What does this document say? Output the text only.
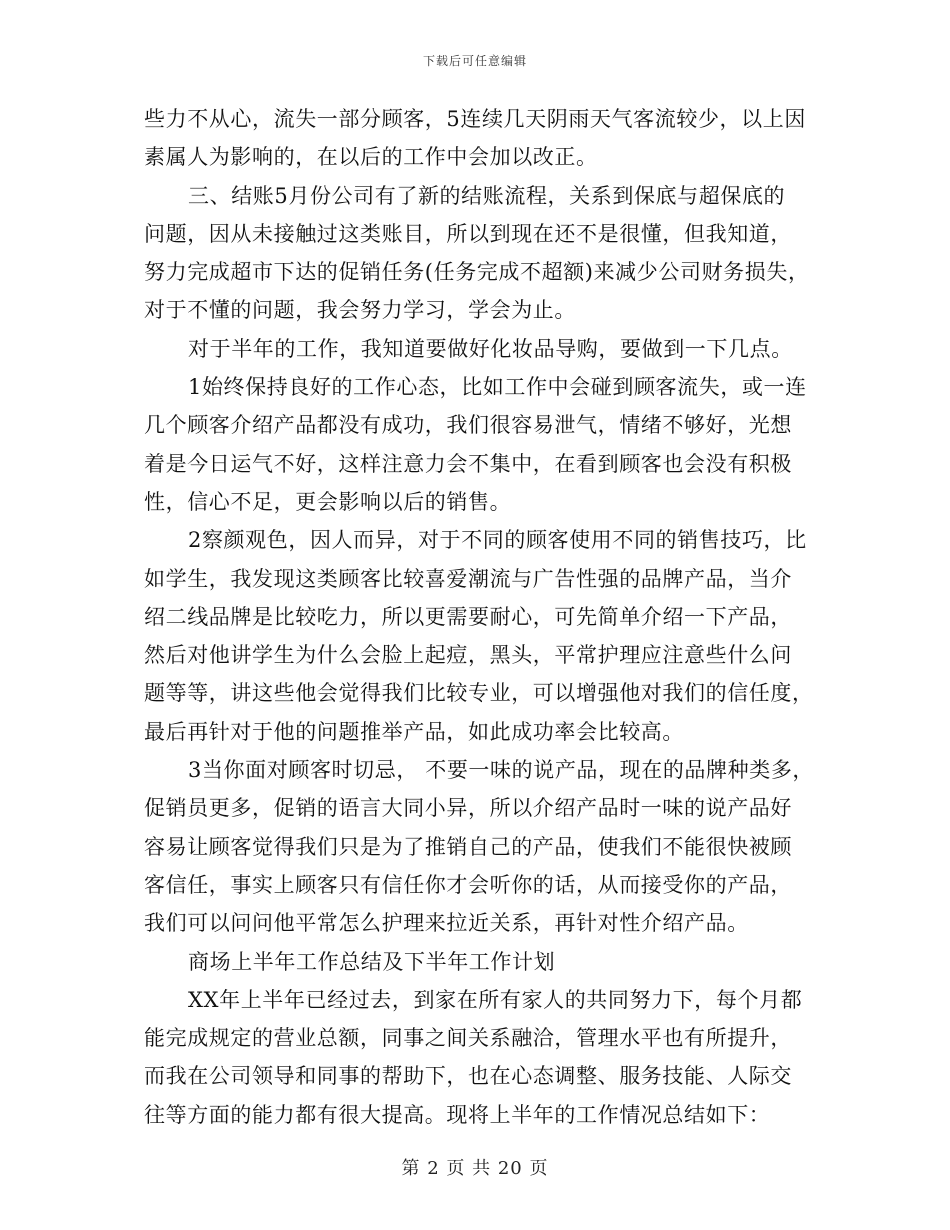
下载后可任意编辑
些力不从心，流失一部分顾客，5连续几天阴雨天气客流较少，以上因
素属人为影响的，在以后的工作中会加以改正。
三、结账5月份公司有了新的结账流程，关系到保底与超保底的
问题，因从未接触过这类账目，所以到现在还不是很懂，但我知道，
努力完成超市下达的促销任务(任务完成不超额)来减少公司财务损失，
对于不懂的问题，我会努力学习，学会为止。
对于半年的工作，我知道要做好化妆品导购，要做到一下几点。
1始终保持良好的工作心态，比如工作中会碰到顾客流失，或一连
几个顾客介绍产品都没有成功，我们很容易泄气，情绪不够好，光想
着是今日运气不好，这样注意力会不集中，在看到顾客也会没有积极
性，信心不足，更会影响以后的销售。
2察颜观色，因人而异，对于不同的顾客使用不同的销售技巧，比
如学生，我发现这类顾客比较喜爱潮流与广告性强的品牌产品，当介
绍二线品牌是比较吃力，所以更需要耐心，可先简单介绍一下产品，
然后对他讲学生为什么会脸上起痘，黑头，平常护理应注意些什么问
题等等，讲这些他会觉得我们比较专业，可以增强他对我们的信任度，
最后再针对于他的问题推举产品，如此成功率会比较高。
3当你面对顾客时切忌， 不要一味的说产品，现在的品牌种类多，
促销员更多，促销的语言大同小异，所以介绍产品时一味的说产品好
容易让顾客觉得我们只是为了推销自己的产品，使我们不能很快被顾
客信任，事实上顾客只有信任你才会听你的话，从而接受你的产品，
我们可以问问他平常怎么护理来拉近关系，再针对性介绍产品。
商场上半年工作总结及下半年工作计划
XX年上半年已经过去，到家在所有家人的共同努力下，每个月都
能完成规定的营业总额，同事之间关系融洽，管理水平也有所提升，
而我在公司领导和同事的帮助下，也在心态调整、服务技能、人际交
往等方面的能力都有很大提高。现将上半年的工作情况总结如下：
第 2 页 共 20 页
